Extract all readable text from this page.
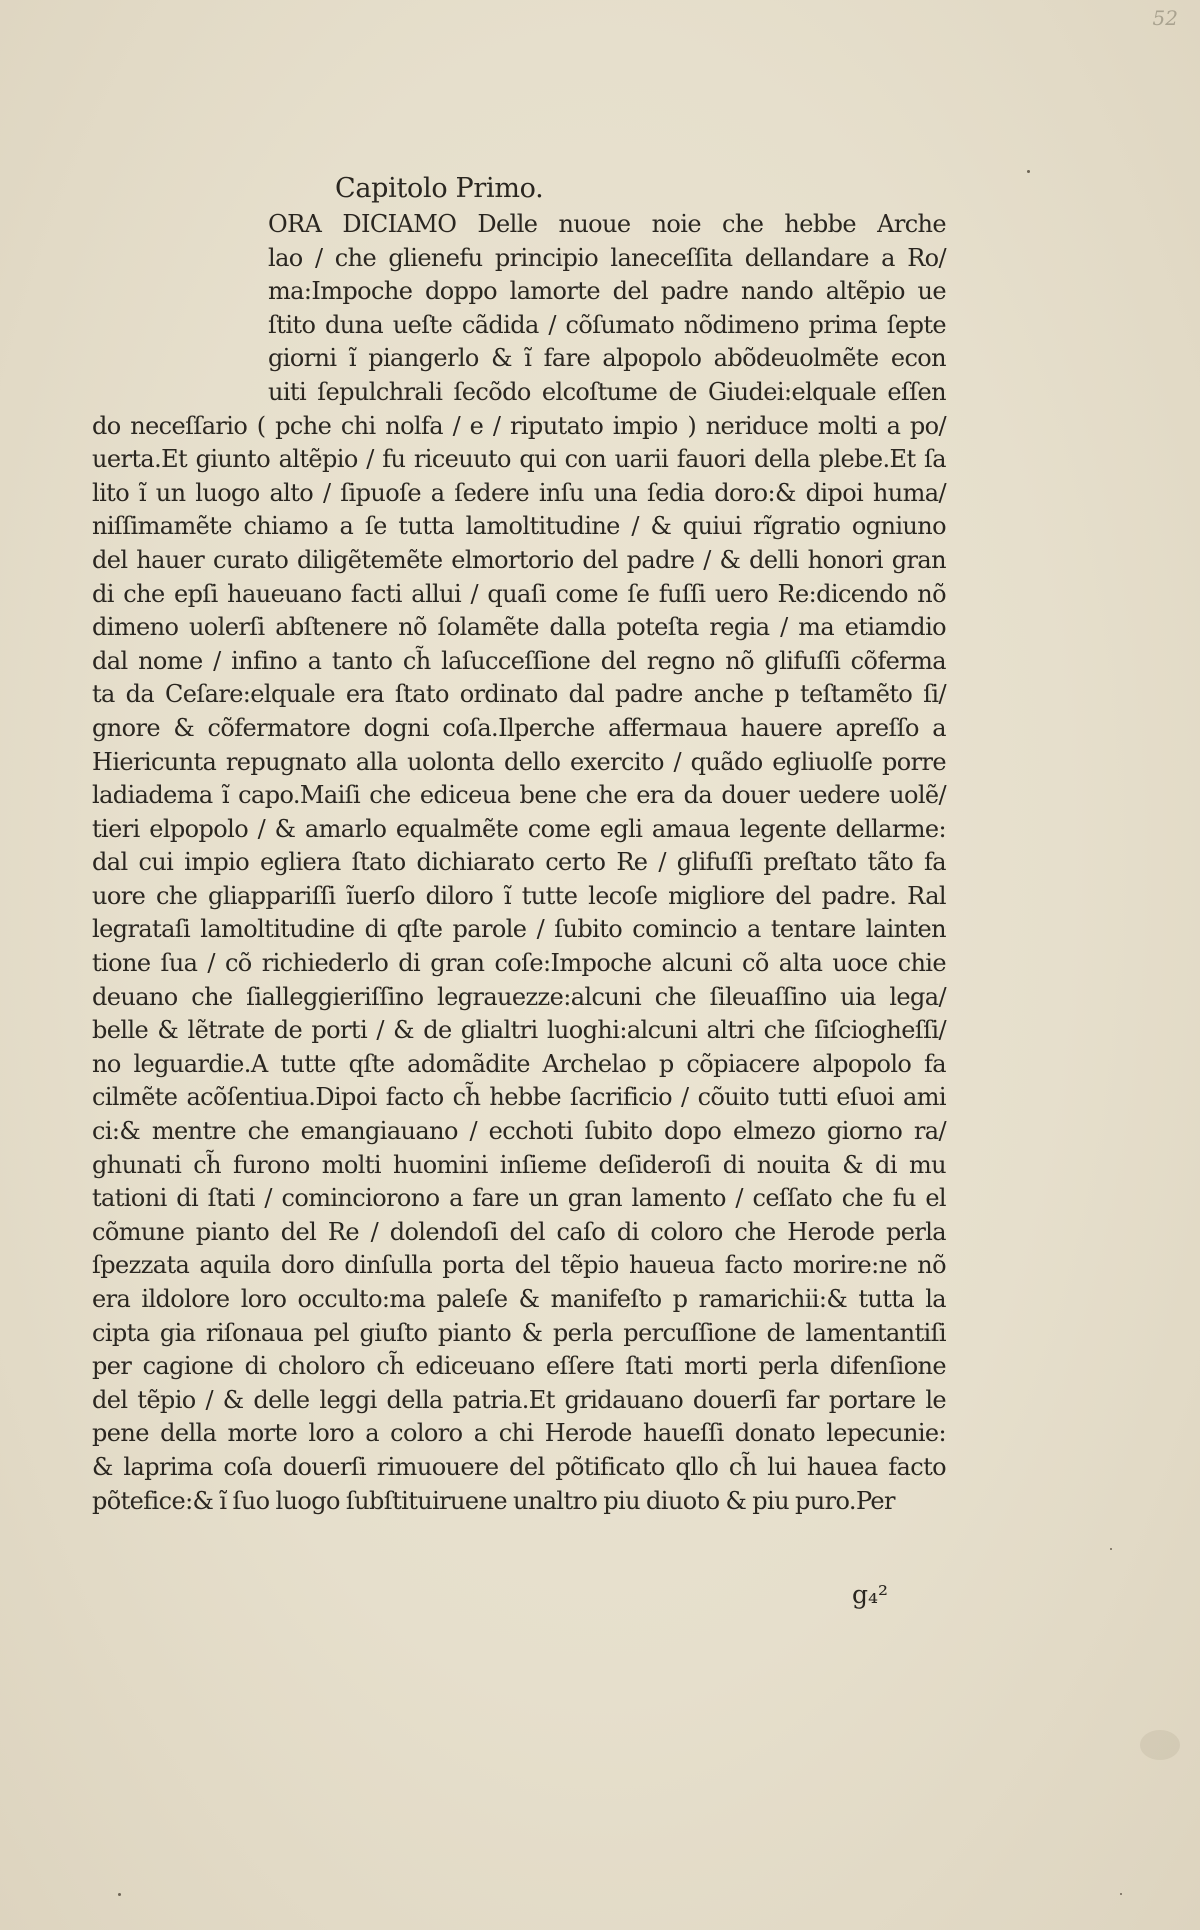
52

Capitolo Primo.
ORA DICIAMO Delle nuoue noie che hebbe Arche
lao / che glienefu principio laneceſſita dellandare a Ro/
ma:Impoche doppo lamorte del padre nando altẽpio ue
ſtito duna ueſte cãdida / cõſumato nõdimeno prima ſepte
giorni ĩ piangerlo & ĩ fare alpopolo abõdeuolmẽte econ
uiti ſepulchrali ſecõdo elcoſtume de Giudei:elquale eſſen
do neceſſario ( pche chi nolfa / e / riputato impio ) neriduce molti a po/
uerta.Et giunto altẽpio / fu riceuuto qui con uarii fauori della plebe.Et ſa
lito ĩ un luogo alto / ſipuoſe a ſedere inſu una ſedia doro:& dipoi huma/
niſſimamẽte chiamo a ſe tutta lamoltitudine / & quiui rĩgratio ogniuno
del hauer curato diligẽtemẽte elmortorio del padre / & delli honori gran
di che epſi haueuano facti allui / quaſi come ſe fuſſi uero Re:dicendo nõ
dimeno uolerſi abſtenere nõ ſolamẽte dalla poteſta regia / ma etiamdio
dal nome / infino a tanto ch̃ laſucceſſione del regno nõ glifuſſi cõferma
ta da Ceſare:elquale era ſtato ordinato dal padre anche p teſtamẽto ſi/
gnore & cõfermatore dogni coſa.Ilperche affermaua hauere apreſſo a
Hiericunta repugnato alla uolonta dello exercito / quãdo egliuolſe porre
ladiadema ĩ capo.Maiſi che ediceua bene che era da douer uedere uolẽ/
tieri elpopolo / & amarlo equalmẽte come egli amaua legente dellarme:
dal cui impio egliera ſtato dichiarato certo Re / glifuſſi preſtato tãto fa
uore che gliappariſſi ĩuerſo diloro ĩ tutte lecoſe migliore del padre. Ral
legrataſi lamoltitudine di qſte parole / ſubito comincio a tentare lainten
tione ſua / cõ richiederlo di gran coſe:Impoche alcuni cõ alta uoce chie
deuano che ſialleggieriſſino legrauezze:alcuni che ſileuaſſino uia lega/
belle & lẽtrate de porti / & de glialtri luoghi:alcuni altri che ſiſciogheſſi/
no leguardie.A tutte qſte adomãdite Archelao p cõpiacere alpopolo fa
cilmẽte acõſentiua.Dipoi facto ch̃ hebbe ſacrificio / cõuito tutti eſuoi ami
ci:& mentre che emangiauano / ecchoti ſubito dopo elmezo giorno ra/
ghunati ch̃ furono molti huomini inſieme deſideroſi di nouita & di mu
tationi di ſtati / cominciorono a fare un gran lamento / ceſſato che fu el
cõmune pianto del Re / dolendoſi del caſo di coloro che Herode perla
ſpezzata aquila doro dinſulla porta del tẽpio haueua facto morire:ne nõ
era ildolore loro occulto:ma paleſe & manifeſto p ramarichii:& tutta la
cipta gia riſonaua pel giuſto pianto & perla percuſſione de lamentantiſi
per cagione di choloro ch̃ ediceuano eſſere ſtati morti perla difenſione
del tẽpio / & delle leggi della patria.Et gridauano douerſi far portare le
pene della morte loro a coloro a chi Herode haueſſi donato lepecunie:
& laprima coſa douerſi rimuouere del põtificato qllo ch̃ lui hauea facto
põtefice:& ĩ ſuo luogo ſubſtituiruene unaltro piu diuoto & piu puro.Per
g₄²
